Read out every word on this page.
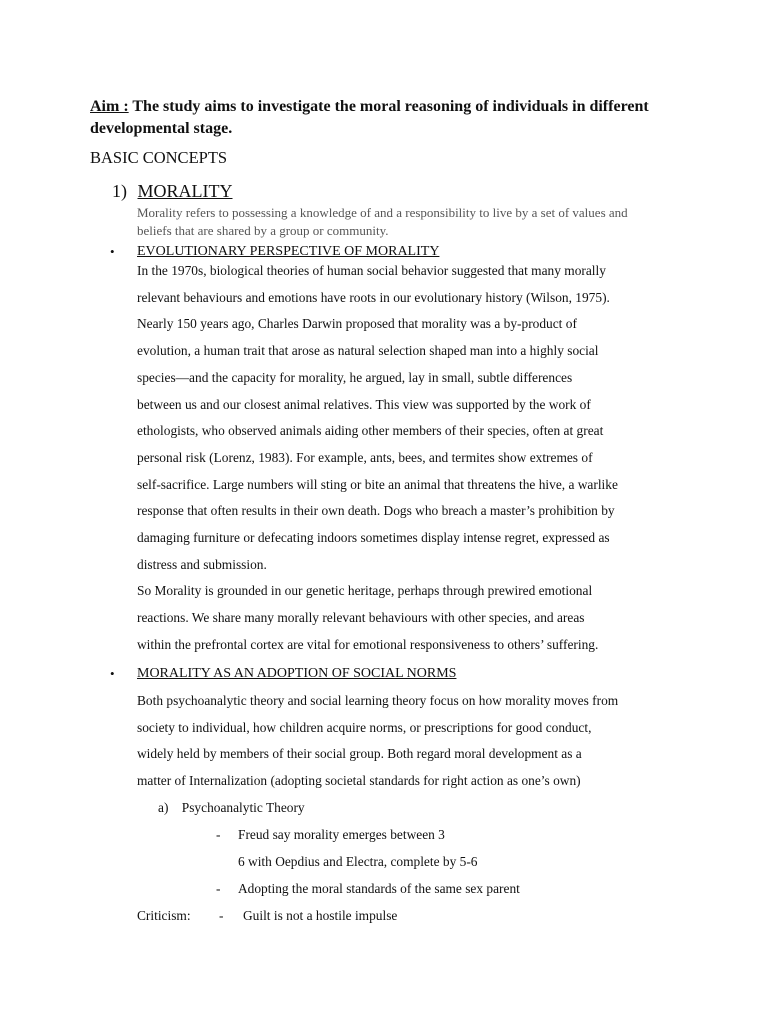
Aim : The study aims to investigate the moral reasoning of individuals in different
developmental stage.
BASIC CONCEPTS
1) MORALITY
Morality refers to possessing a knowledge of and a responsibility to live by a set of values and beliefs that are shared by a group or community.
• EVOLUTIONARY PERSPECTIVE OF MORALITY
In the 1970s, biological theories of human social behavior suggested that many morally
relevant behaviours and emotions have roots in our evolutionary history (Wilson, 1975).
Nearly 150 years ago, Charles Darwin proposed that morality was a by-product of
evolution, a human trait that arose as natural selection shaped man into a highly social
species—and the capacity for morality, he argued, lay in small, subtle differences
between us and our closest animal relatives. This view was supported by the work of
ethologists, who observed animals aiding other members of their species, often at great
personal risk (Lorenz, 1983). For example, ants, bees, and termites show extremes of
self-sacrifice. Large numbers will sting or bite an animal that threatens the hive, a warlike
response that often results in their own death. Dogs who breach a master’s prohibition by
damaging furniture or defecating indoors sometimes display intense regret, expressed as
distress and submission.
So Morality is grounded in our genetic heritage, perhaps through prewired emotional
reactions. We share many morally relevant behaviours with other species, and areas
within the prefrontal cortex are vital for emotional responsiveness to others’ suffering.
• MORALITY AS AN ADOPTION OF SOCIAL NORMS
Both psychoanalytic theory and social learning theory focus on how morality moves from
society to individual, how children acquire norms, or prescriptions for good conduct,
widely held by members of their social group. Both regard moral development as a
matter of Internalization (adopting societal standards for right action as one’s own)
a) Psychoanalytic Theory
- Freud say morality emerges between 3
6 with Oepdius and Electra, complete by 5-6
- Adopting the moral standards of the same sex parent
Criticism: - Guilt is not a hostile impulse
